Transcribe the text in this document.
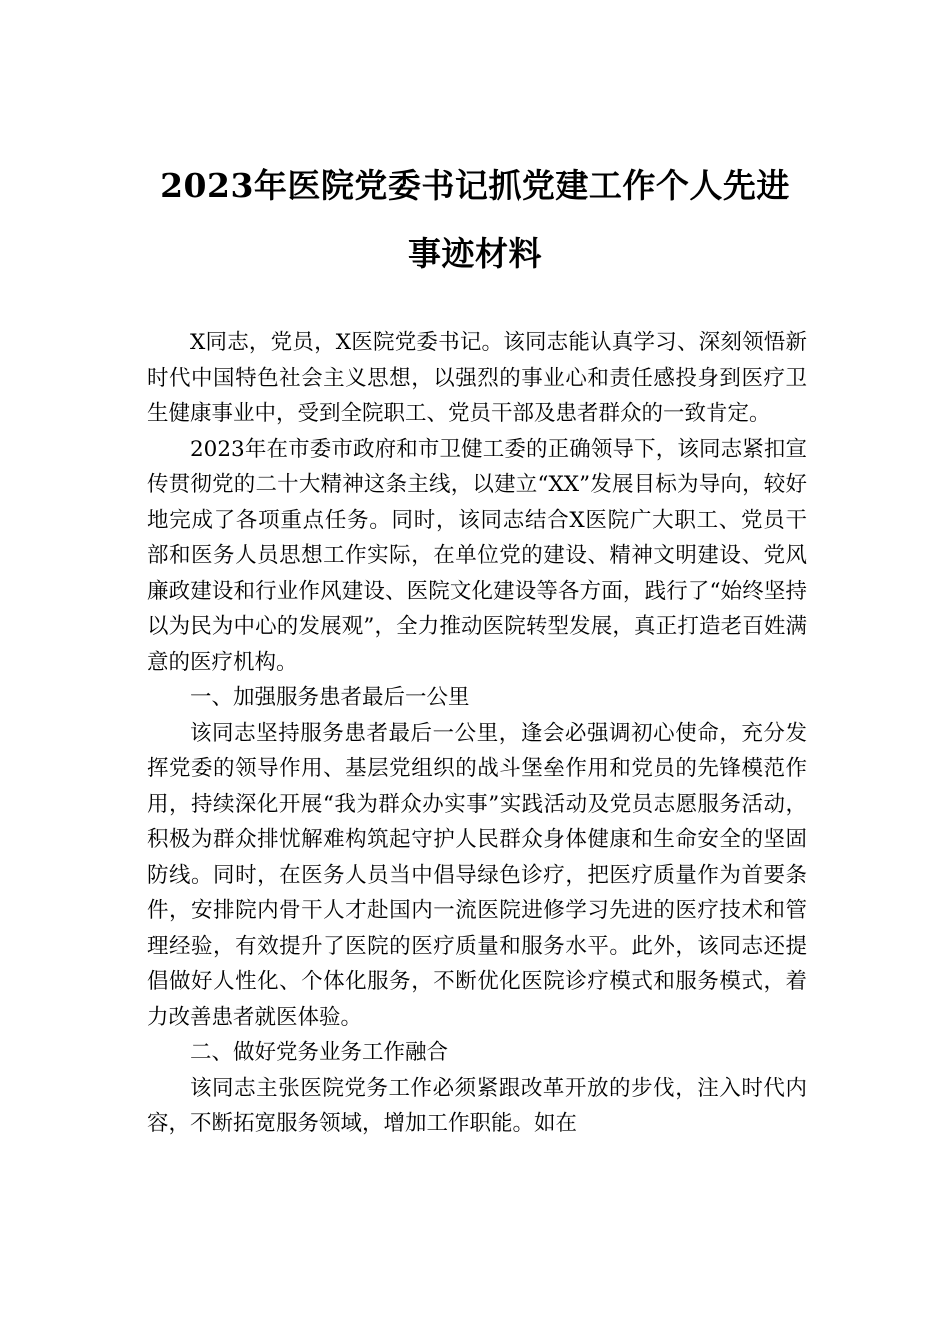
2023年医院党委书记抓党建工作个人先进
事迹材料

X同志，党员，X医院党委书记。该同志能认真学习、深刻领悟新时代中国特色社会主义思想，以强烈的事业心和责任感投身到医疗卫生健康事业中，受到全院职工、党员干部及患者群众的一致肯定。

2023年在市委市政府和市卫健工委的正确领导下，该同志紧扣宣传贯彻党的二十大精神这条主线，以建立“XX”发展目标为导向，较好地完成了各项重点任务。同时，该同志结合X医院广大职工、党员干部和医务人员思想工作实际，在单位党的建设、精神文明建设、党风廉政建设和行业作风建设、医院文化建设等各方面，践行了“始终坚持以为民为中心的发展观”，全力推动医院转型发展，真正打造老百姓满意的医疗机构。

一、加强服务患者最后一公里

该同志坚持服务患者最后一公里，逢会必强调初心使命，充分发挥党委的领导作用、基层党组织的战斗堡垒作用和党员的先锋模范作用，持续深化开展“我为群众办实事”实践活动及党员志愿服务活动，积极为群众排忧解难构筑起守护人民群众身体健康和生命安全的坚固防线。同时，在医务人员当中倡导绿色诊疗，把医疗质量作为首要条件，安排院内骨干人才赴国内一流医院进修学习先进的医疗技术和管理经验，有效提升了医院的医疗质量和服务水平。此外，该同志还提倡做好人性化、个体化服务，不断优化医院诊疗模式和服务模式，着力改善患者就医体验。

二、做好党务业务工作融合

该同志主张医院党务工作必须紧跟改革开放的步伐，注入时代内容，不断拓宽服务领域，增加工作职能。如在
